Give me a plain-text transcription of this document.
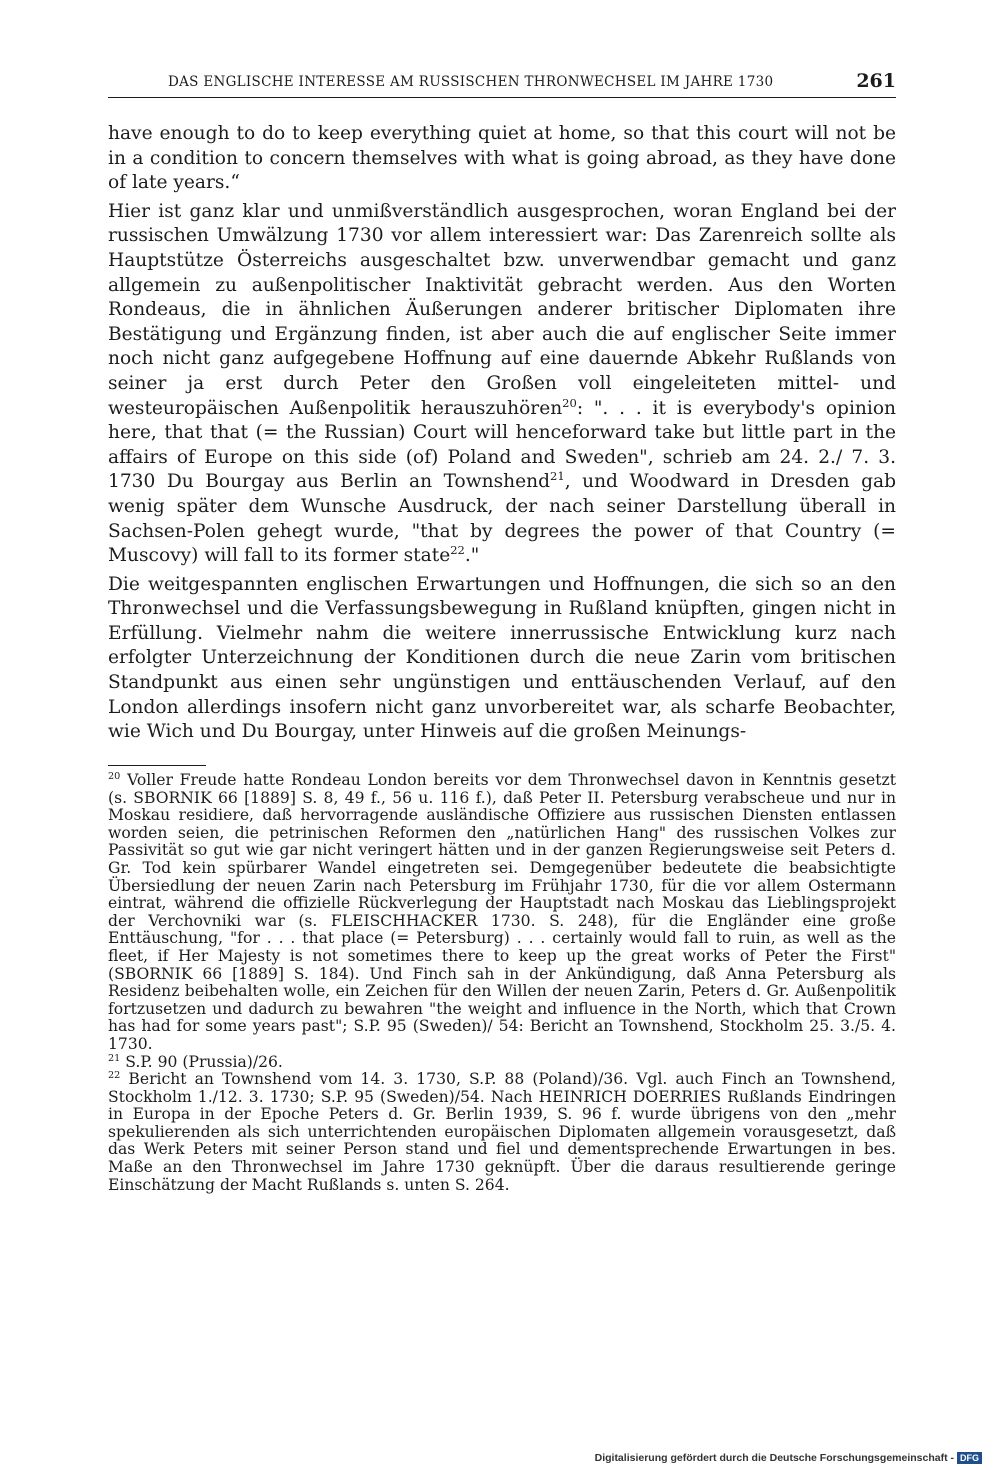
DAS ENGLISCHE INTERESSE AM RUSSISCHEN THRONWECHSEL IM JAHRE 1730	261

have enough to do to keep everything quiet at home, so that this court will not be in a condition to concern themselves with what is going abroad, as they have done of late years.“

Hier ist ganz klar und unmißverständlich ausgesprochen, woran England bei der russischen Umwälzung 1730 vor allem interessiert war: Das Zarenreich sollte als Hauptstütze Österreichs ausgeschaltet bzw. unverwendbar gemacht und ganz allgemein zu außenpolitischer Inaktivität gebracht werden. Aus den Worten Rondeaus, die in ähnlichen Äußerungen anderer britischer Diplomaten ihre Bestätigung und Ergänzung finden, ist aber auch die auf englischer Seite immer noch nicht ganz aufgegebene Hoffnung auf eine dauernde Abkehr Rußlands von seiner ja erst durch Peter den Großen voll eingeleiteten mittel- und westeuropäischen Außenpolitik herauszuhören$^{20}$: ". . . it is everybody's opinion here, that that (= the Russian) Court will henceforward take but little part in the affairs of Europe on this side (of) Poland and Sweden", schrieb am 24. 2./ 7. 3. 1730 Du Bourgay aus Berlin an Townshend$^{21}$, und Woodward in Dresden gab wenig später dem Wunsche Ausdruck, der nach seiner Darstellung überall in Sachsen-Polen gehegt wurde, "that by degrees the power of that Country (= Muscovy) will fall to its former state$^{22}$."

Die weitgespannten englischen Erwartungen und Hoffnungen, die sich so an den Thronwechsel und die Verfassungsbewegung in Rußland knüpften, gingen nicht in Erfüllung. Vielmehr nahm die weitere innerrussische Entwicklung kurz nach erfolgter Unterzeichnung der Konditionen durch die neue Zarin vom britischen Standpunkt aus einen sehr ungünstigen und enttäuschenden Verlauf, auf den London allerdings insofern nicht ganz unvorbereitet war, als scharfe Beobachter, wie Wich und Du Bourgay, unter Hinweis auf die großen Meinungs-

$^{20}$ Voller Freude hatte Rondeau London bereits vor dem Thronwechsel davon in Kenntnis gesetzt (s. SBORNIK 66 [1889] S. 8, 49 f., 56 u. 116 f.), daß Peter II. Petersburg verabscheue und nur in Moskau residiere, daß hervorragende ausländische Offiziere aus russischen Diensten entlassen worden seien, die petrinischen Reformen den „natürlichen Hang" des russischen Volkes zur Passivität so gut wie gar nicht veringert hätten und in der ganzen Regierungsweise seit Peters d. Gr. Tod kein spürbarer Wandel eingetreten sei. Demgegenüber bedeutete die beabsichtigte Übersiedlung der neuen Zarin nach Petersburg im Frühjahr 1730, für die vor allem Ostermann eintrat, während die offizielle Rückverlegung der Hauptstadt nach Moskau das Lieblingsprojekt der Verchovniki war (s. FLEISCHHACKER 1730. S. 248), für die Engländer eine große Enttäuschung, "for . . . that place (= Petersburg) . . . certainly would fall to ruin, as well as the fleet, if Her Majesty is not sometimes there to keep up the great works of Peter the First" (SBORNIK 66 [1889] S. 184). Und Finch sah in der Ankündigung, daß Anna Petersburg als Residenz beibehalten wolle, ein Zeichen für den Willen der neuen Zarin, Peters d. Gr. Außenpolitik fortzusetzen und dadurch zu bewahren "the weight and influence in the North, which that Crown has had for some years past"; S.P. 95 (Sweden)/ 54: Bericht an Townshend, Stockholm 25. 3./5. 4. 1730.

$^{21}$ S.P. 90 (Prussia)/26.

$^{22}$ Bericht an Townshend vom 14. 3. 1730, S.P. 88 (Poland)/36. Vgl. auch Finch an Townshend, Stockholm 1./12. 3. 1730; S.P. 95 (Sweden)/54. Nach HEINRICH DOERRIES Rußlands Eindringen in Europa in der Epoche Peters d. Gr. Berlin 1939, S. 96 f. wurde übrigens von den „mehr spekulierenden als sich unterrichtenden europäischen Diplomaten allgemein vorausgesetzt, daß das Werk Peters mit seiner Person stand und fiel und dementsprechende Erwartungen in bes. Maße an den Thronwechsel im Jahre 1730 geknüpft. Über die daraus resultierende geringe Einschätzung der Macht Rußlands s. unten S. 264.

Digitalisierung gefördert durch die Deutsche Forschungsgemeinschaft - DFG
